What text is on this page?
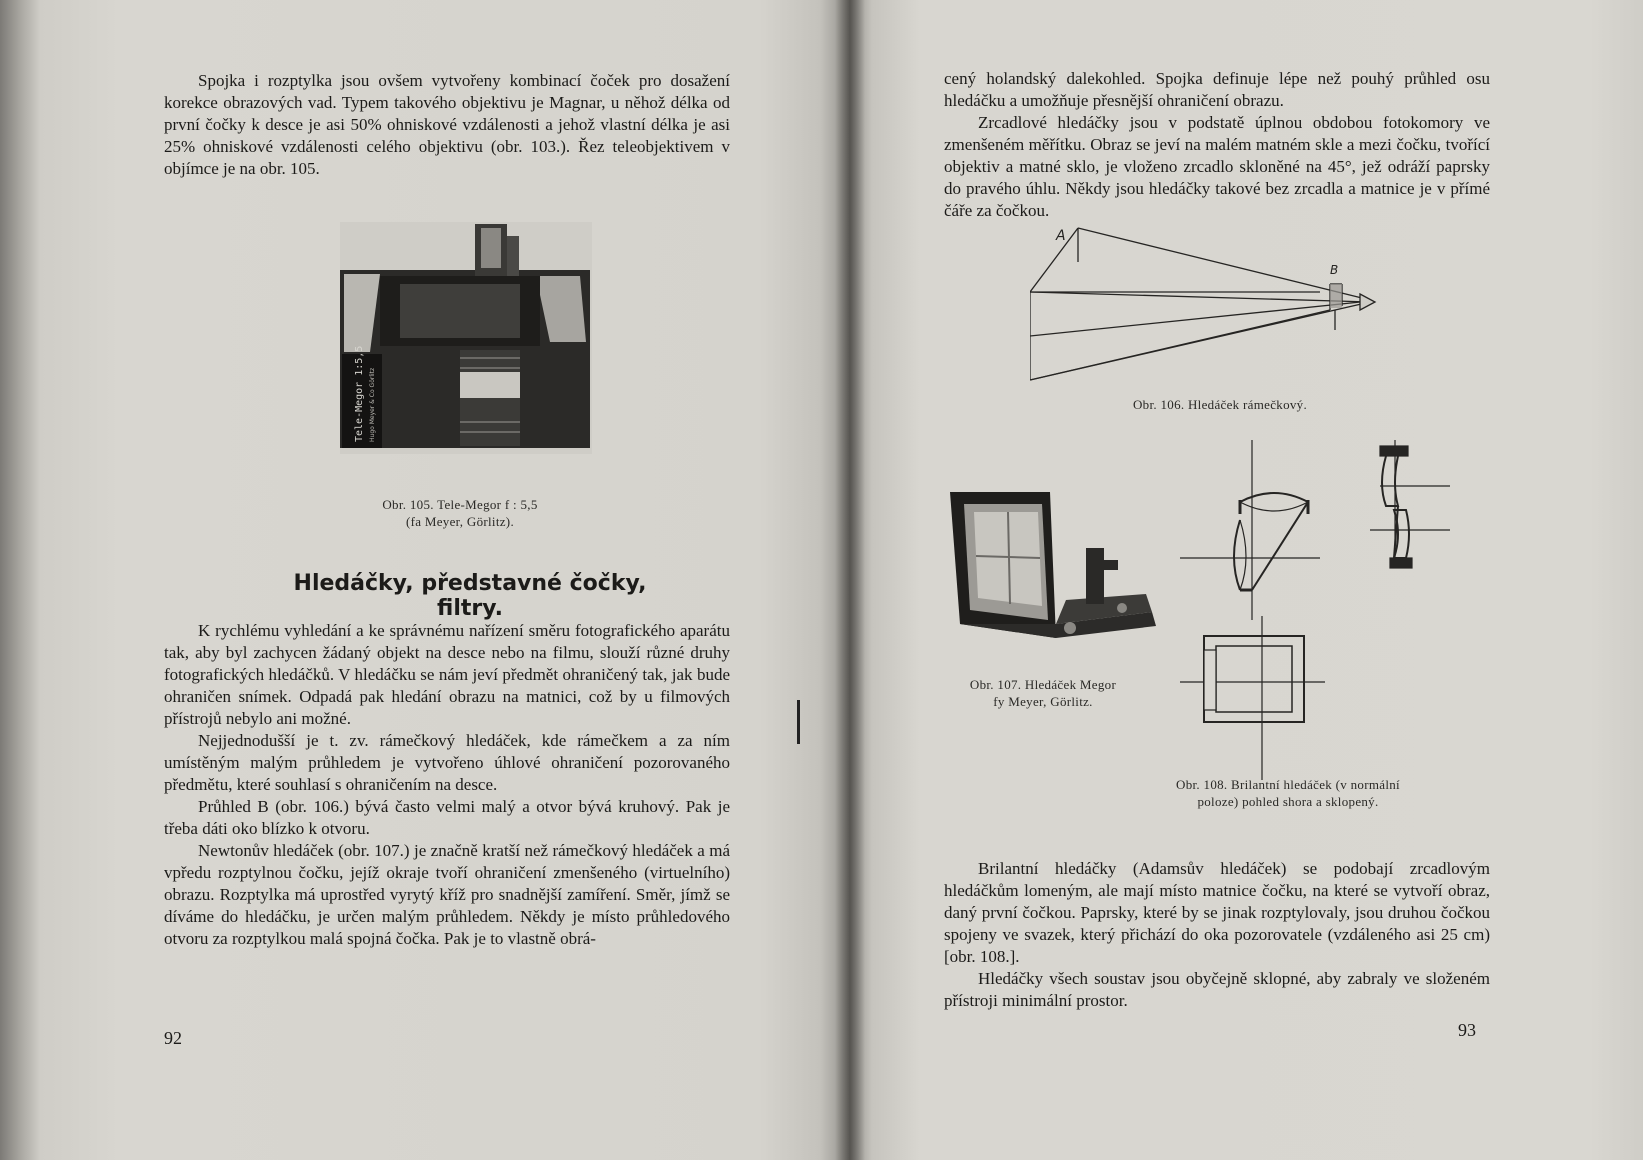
Spojka i rozptylka jsou ovšem vytvořeny kombinací čoček pro dosažení korekce obrazových vad. Typem takového objektivu je Magnar, u něhož délka od první čočky k desce je asi 50% ohniskové vzdálenosti a jehož vlastní délka je asi 25% ohniskové vzdálenosti celého objektivu (obr. 103.). Řez teleobjektivem v objímce je na obr. 105.

Tele-Megor 1:5,5 Hugo Meyer & Co Görlitz
Obr. 105. Tele-Megor f : 5,5
(fa Meyer, Görlitz).
Hledáčky, představné čočky, filtry.

K rychlému vyhledání a ke správnému nařízení směru fotografického aparátu tak, aby byl zachycen žádaný objekt na desce nebo na filmu, slouží různé druhy fotografických hledáčků. V hledáčku se nám jeví předmět ohraničený tak, jak bude ohraničen snímek. Odpadá pak hledání obrazu na matnici, což by u filmových přístrojů nebylo ani možné.

Nejjednodušší je t. zv. rámečkový hledáček, kde rámečkem a za ním umístěným malým průhledem je vytvořeno úhlové ohraničení pozorovaného předmětu, které souhlasí s ohraničením na desce.

Průhled B (obr. 106.) bývá často velmi malý a otvor bývá kruhový. Pak je třeba dáti oko blízko k otvoru.

Newtonův hledáček (obr. 107.) je značně kratší než rámečkový hledáček a má vpředu rozptylnou čočku, jejíž okraje tvoří ohraničení zmenšeného (virtuelního) obrazu. Rozptylka má uprostřed vyrytý kříž pro snadnější zamíření. Směr, jímž se díváme do hledáčku, je určen malým průhledem. Někdy je místo průhledového otvoru za rozptylkou malá spojná čočka. Pak je to vlastně obrá-

92

cený holandský dalekohled. Spojka definuje lépe než pouhý průhled osu hledáčku a umožňuje přesnější ohraničení obrazu.

Zrcadlové hledáčky jsou v podstatě úplnou obdobou fotokomory ve zmenšeném měřítku. Obraz se jeví na malém matném skle a mezi čočku, tvořící objektiv a matné sklo, je vloženo zrcadlo skloněné na 45°, jež odráží paprsky do pravého úhlu. Někdy jsou hledáčky takové bez zrcadla a matnice je v přímé čáře za čočkou.

A
B
Obr. 106. Hledáček rámečkový.
Obr. 107. Hledáček Megor
fy Meyer, Görlitz.
Obr. 108. Brilantní hledáček (v normální
poloze) pohled shora a sklopený.

Brilantní hledáčky (Adamsův hledáček) se podobají zrcadlovým hledáčkům lomeným, ale mají místo matnice čočku, na které se vytvoří obraz, daný první čočkou. Paprsky, které by se jinak rozptylovaly, jsou druhou čočkou spojeny ve svazek, který přichází do oka pozorovatele (vzdáleného asi 25 cm) [obr. 108.].

Hledáčky všech soustav jsou obyčejně sklopné, aby zabraly ve složeném přístroji minimální prostor.

93
